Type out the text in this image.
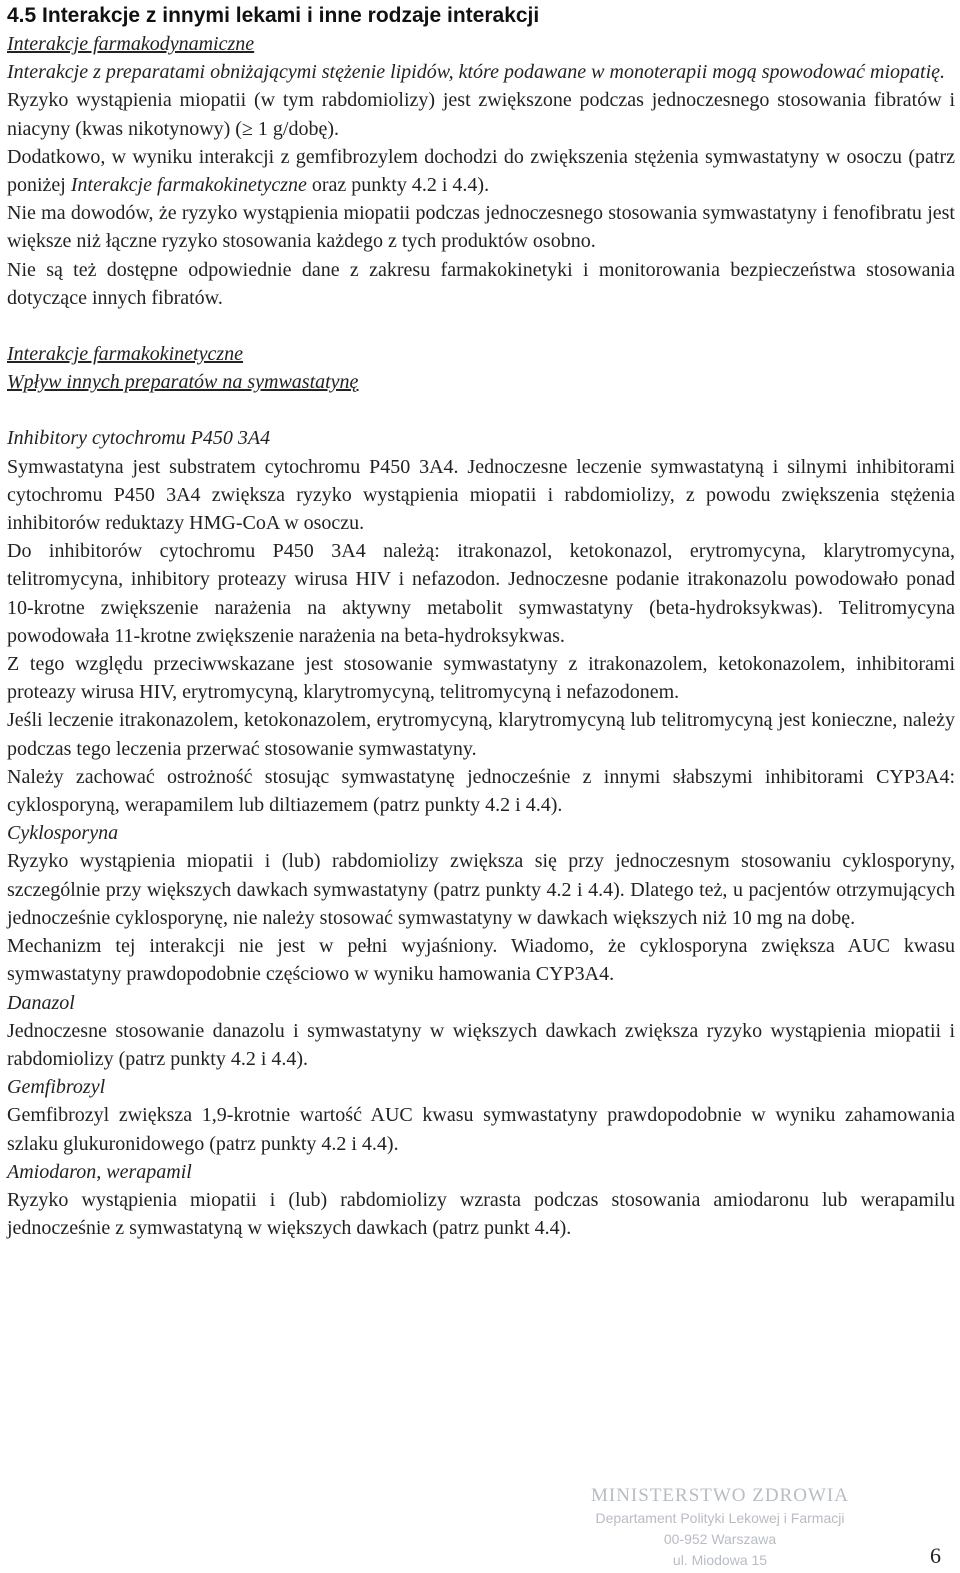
4.5 Interakcje z innymi lekami i inne rodzaje interakcji

Interakcje farmakodynamiczne

Interakcje z preparatami obniżającymi stężenie lipidów, które podawane w monoterapii mogą spowodować miopatię.

Ryzyko wystąpienia miopatii (w tym rabdomiolizy) jest zwiększone podczas jednoczesnego stosowania fibratów i niacyny (kwas nikotynowy) (≥ 1 g/dobę).

Dodatkowo, w wyniku interakcji z gemfibrozylem dochodzi do zwiększenia stężenia symwastatyny w osoczu (patrz poniżej Interakcje farmakokinetyczne oraz punkty 4.2 i 4.4).

Nie ma dowodów, że ryzyko wystąpienia miopatii podczas jednoczesnego stosowania symwastatyny i fenofibratu jest większe niż łączne ryzyko stosowania każdego z tych produktów osobno.

Nie są też dostępne odpowiednie dane z zakresu farmakokinetyki i monitorowania bezpieczeństwa stosowania dotyczące innych fibratów.

Interakcje farmakokinetyczne

Wpływ innych preparatów na symwastatynę

Inhibitory cytochromu P450 3A4

Symwastatyna jest substratem cytochromu P450 3A4. Jednoczesne leczenie symwastatyną i silnymi inhibitorami cytochromu P450 3A4 zwiększa ryzyko wystąpienia miopatii i rabdomiolizy, z powodu zwiększenia stężenia inhibitorów reduktazy HMG-CoA w osoczu.

Do inhibitorów cytochromu P450 3A4 należą: itrakonazol, ketokonazol, erytromycyna, klarytromycyna, telitromycyna, inhibitory proteazy wirusa HIV i nefazodon. Jednoczesne podanie itrakonazolu powodowało ponad 10-krotne zwiększenie narażenia na aktywny metabolit symwastatyny (beta-hydroksykwas). Telitromycyna powodowała 11-krotne zwiększenie narażenia na beta-hydroksykwas.

Z tego względu przeciwwskazane jest stosowanie symwastatyny z itrakonazolem, ketokonazolem, inhibitorami proteazy wirusa HIV, erytromycyną, klarytromycyną, telitromycyną i nefazodonem.

Jeśli leczenie itrakonazolem, ketokonazolem, erytromycyną, klarytromycyną lub telitromycyną jest konieczne, należy podczas tego leczenia przerwać stosowanie symwastatyny.

Należy zachować ostrożność stosując symwastatynę jednocześnie z innymi słabszymi inhibitorami CYP3A4: cyklosporyną, werapamilem lub diltiazemem (patrz punkty 4.2 i 4.4).

Cyklosporyna

Ryzyko wystąpienia miopatii i (lub) rabdomiolizy zwiększa się przy jednoczesnym stosowaniu cyklosporyny, szczególnie przy większych dawkach symwastatyny (patrz punkty 4.2 i 4.4). Dlatego też, u pacjentów otrzymujących jednocześnie cyklosporynę, nie należy stosować symwastatyny w dawkach większych niż 10 mg na dobę.

Mechanizm tej interakcji nie jest w pełni wyjaśniony. Wiadomo, że cyklosporyna zwiększa AUC kwasu symwastatyny prawdopodobnie częściowo w wyniku hamowania CYP3A4.

Danazol

Jednoczesne stosowanie danazolu i symwastatyny w większych dawkach zwiększa ryzyko wystąpienia miopatii i rabdomiolizy (patrz punkty 4.2 i 4.4).

Gemfibrozyl

Gemfibrozyl zwiększa 1,9-krotnie wartość AUC kwasu symwastatyny prawdopodobnie w wyniku zahamowania szlaku glukuronidowego (patrz punkty 4.2 i 4.4).

Amiodaron, werapamil

Ryzyko wystąpienia miopatii i (lub) rabdomiolizy wzrasta podczas stosowania amiodaronu lub werapamilu jednocześnie z symwastatyną w większych dawkach (patrz punkt 4.4).

MINISTERSTWO ZDROWIA
Departament Polityki Lekowej i Farmacji
00-952 Warszawa
ul. Miodowa 15	6
